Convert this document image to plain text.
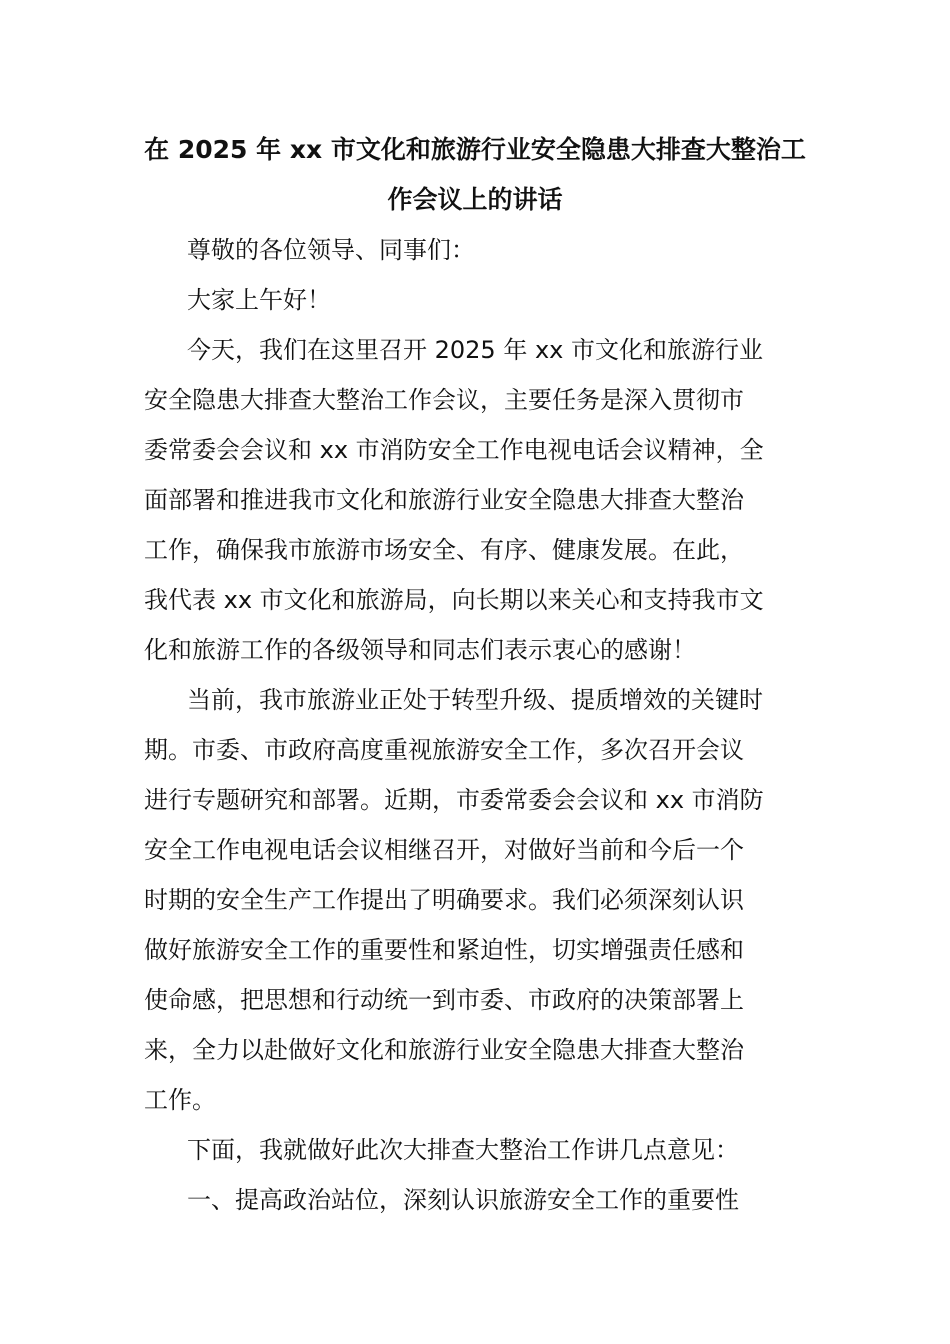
在 2025 年 xx 市文化和旅游行业安全隐患大排查大整治工
作会议上的讲话

尊敬的各位领导、同事们：

大家上午好！

今天，我们在这里召开 2025 年 xx 市文化和旅游行业

安全隐患大排查大整治工作会议，主要任务是深入贯彻市

委常委会会议和 xx 市消防安全工作电视电话会议精神，全

面部署和推进我市文化和旅游行业安全隐患大排查大整治

工作，确保我市旅游市场安全、有序、健康发展。在此，

我代表 xx 市文化和旅游局，向长期以来关心和支持我市文

化和旅游工作的各级领导和同志们表示衷心的感谢！

当前，我市旅游业正处于转型升级、提质增效的关键时

期。市委、市政府高度重视旅游安全工作，多次召开会议

进行专题研究和部署。近期，市委常委会会议和 xx 市消防

安全工作电视电话会议相继召开，对做好当前和今后一个

时期的安全生产工作提出了明确要求。我们必须深刻认识

做好旅游安全工作的重要性和紧迫性，切实增强责任感和

使命感，把思想和行动统一到市委、市政府的决策部署上

来，全力以赴做好文化和旅游行业安全隐患大排查大整治

工作。

下面，我就做好此次大排查大整治工作讲几点意见：

一、提高政治站位，深刻认识旅游安全工作的重要性
